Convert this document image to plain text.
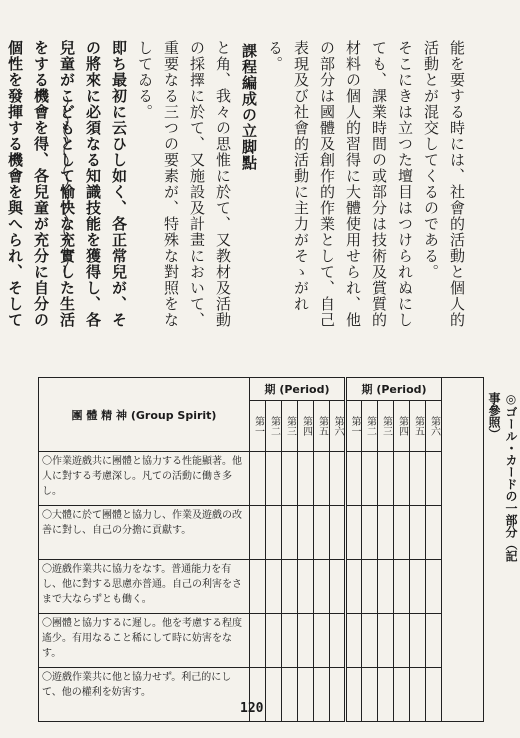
能を要する時には、社會的活動と個人的活動とが混交してくるのである。

そこにきは立つた壇目はつけられぬにしても、課業時間の或部分は技術及賞質的材料の個人的習得に大體使用せられ、他の部分は國體及創作的作業として、自己表現及び社會的活動に主力がそゝがれる。

課程編成の立脚點

と角、我々の思惟に於て、又教材及活動の採擇に於て、又施設及計畫において、重要なる三つの要素が、特殊な對照をなしてゐる。

即ち最初に云ひし如く、各正常兒が、その將來に必須なる知識技能を獲得し、各兒童がこどもとして愉快な充實した生活をする機會を得、各兒童が充分に自分の個性を發揮する機會を與へられ、そして

團 體 精 神 (Group Spirit)	期 (Period)						期 (Period)						
	第一	第二	第三	第四	第五	第六	第一	第二	第三	第四	第五	第六	
〇作業遊戲共に團體と協力する性能顯著。他人に對する考慮深し。凡ての活動に働き多し。													
〇大體に於て團體と協力し、作業及遊戲の改善に對し、自己の分擔に貢獻す。													
〇遊戲作業共に協力をなす。普通能力を有し、他に對する思慮亦普通。自己の利害をさまで大ならずとも働く。													
〇團體と協力するに遲し。他を考慮する程度遙少。有用なること稀にして時に妨害をなす。													
〇遊戲作業共に他と協力せず。利己的にして、他の權利を妨害す。													

◎ゴール・カードの一部分（記事參照）

120
